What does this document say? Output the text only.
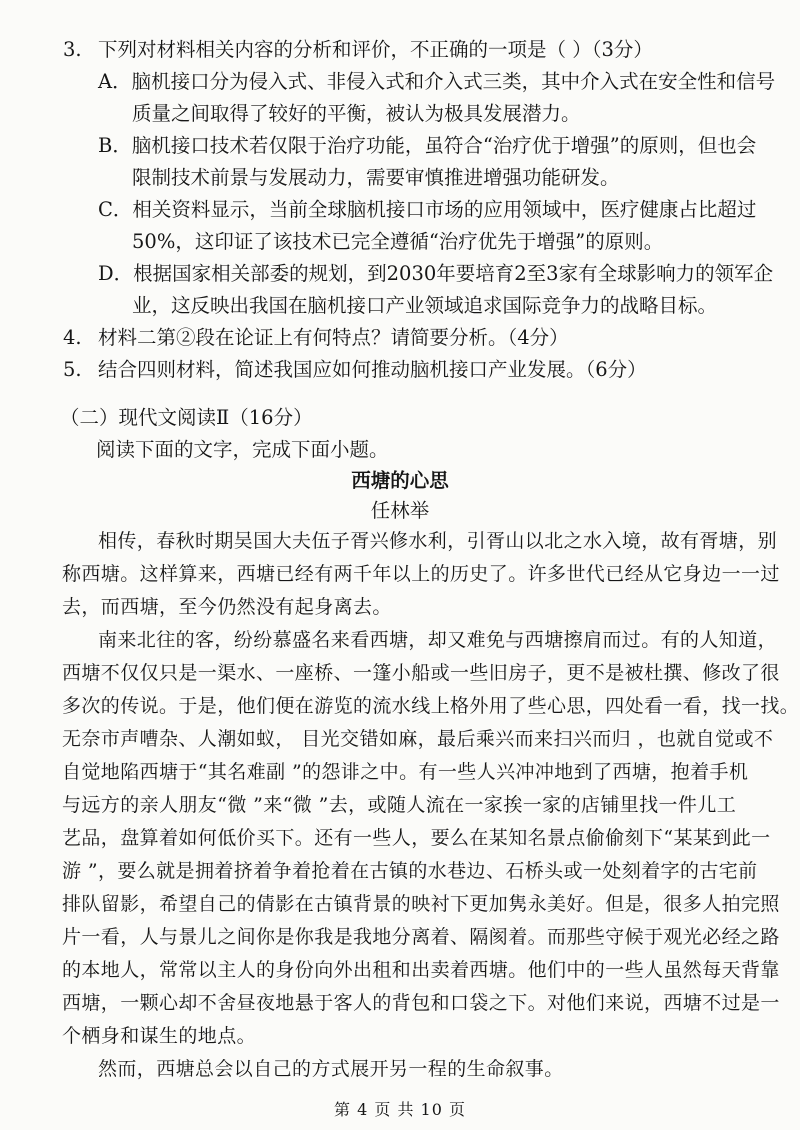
3. 下列对材料相关内容的分析和评价，不正确的一项是（ ）（3分）
A．脑机接口分为侵入式、非侵入式和介入式三类，其中介入式在安全性和信号
质量之间取得了较好的平衡，被认为极具发展潜力。
B．脑机接口技术若仅限于治疗功能，虽符合“治疗优于增强”的原则，但也会
限制技术前景与发展动力，需要审慎推进增强功能研发。
C．相关资料显示，当前全球脑机接口市场的应用领域中，医疗健康占比超过
50%，这印证了该技术已完全遵循“治疗优先于增强”的原则。
D．根据国家相关部委的规划，到2030年要培育2至3家有全球影响力的领军企
业，这反映出我国在脑机接口产业领域追求国际竞争力的战略目标。
4. 材料二第②段在论证上有何特点？请简要分析。（4分）
5. 结合四则材料，简述我国应如何推动脑机接口产业发展。（6分）
（二）现代文阅读Ⅱ（16分）
阅读下面的文字，完成下面小题。
西塘的心思
任林举
相传，春秋时期吴国大夫伍子胥兴修水利，引胥山以北之水入境，故有胥塘，别
称西塘。这样算来，西塘已经有两千年以上的历史了。许多世代已经从它身边一一过
去，而西塘，至今仍然没有起身离去。
南来北往的客，纷纷慕盛名来看西塘，却又难免与西塘擦肩而过。有的人知道，
西塘不仅仅只是一渠水、一座桥、一篷小船或一些旧房子，更不是被杜撰、修改了很
多次的传说。于是，他们便在游览的流水线上格外用了些心思，四处看一看，找一找。
无奈市声嘈杂、人潮如蚁， 目光交错如麻，最后乘兴而来扫兴而归 ，也就自觉或不
自觉地陷西塘于“其名难副 ”的怨诽之中。有一些人兴冲冲地到了西塘，抱着手机
与远方的亲人朋友“微 ”来“微 ”去，或随人流在一家挨一家的店铺里找一件儿工
艺品，盘算着如何低价买下。还有一些人，要么在某知名景点偷偷刻下“某某到此一
游 ”，要么就是拥着挤着争着抢着在古镇的水巷边、石桥头或一处刻着字的古宅前
排队留影，希望自己的倩影在古镇背景的映衬下更加隽永美好。但是，很多人拍完照
片一看，人与景儿之间你是你我是我地分离着、隔阂着。而那些守候于观光必经之路
的本地人，常常以主人的身份向外出租和出卖着西塘。他们中的一些人虽然每天背靠
西塘，一颗心却不舍昼夜地悬于客人的背包和口袋之下。对他们来说，西塘不过是一
个栖身和谋生的地点。
然而，西塘总会以自己的方式展开另一程的生命叙事。
第 4 页 共 10 页
